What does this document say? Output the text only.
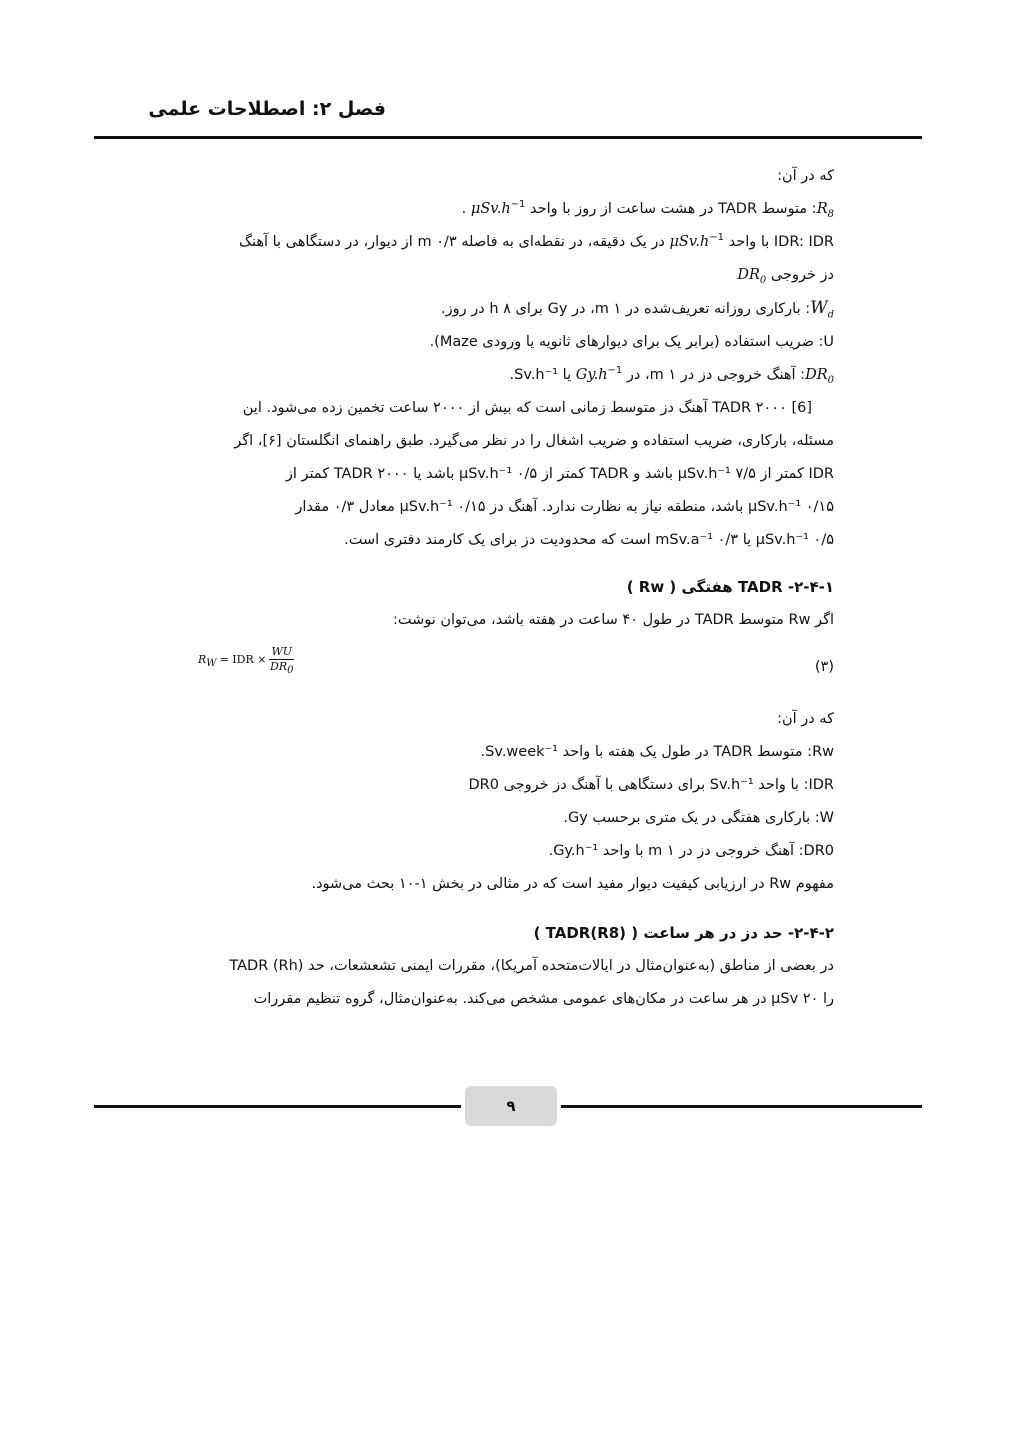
فصل ۲: اصطلاحات علمی
که در آن:
$R_8$: متوسط TADR در هشت ساعت از روز با واحد $\mu Sv.h^{-1}$ .
IDR: IDR با واحد $\mu Sv.h^{-1}$ در یک دقیقه، در نقطه‌ای به فاصله ۰/۳ m از دیوار، در دستگاهی با آهنگ
دز خروجی $DR_0$
$W_d$: بارکاری روزانه تعریف‌شده در ۱ m، در Gy برای ۸ h در روز.
U: ضریب استفاده (برابر یک برای دیوارهای ثانویه یا ورودی Maze).
$DR_0$: آهنگ خروجی دز در ۱ m، در $Gy.h^{-1}$ یا Sv.h⁻¹.
TADR ۲۰۰۰ [6] آهنگ دز متوسط زمانی است که بیش از ۲۰۰۰ ساعت تخمین زده می‌شود. این
مسئله، بارکاری، ضریب استفاده و ضریب اشغال را در نظر می‌گیرد. طبق راهنمای انگلستان [۶]، اگر
IDR کمتر از ۷/۵ μSv.h⁻¹ باشد و TADR کمتر از ۰/۵ μSv.h⁻¹ باشد یا TADR ۲۰۰۰ کمتر از
۰/۱۵ μSv.h⁻¹ باشد، منطقه نیاز به نظارت ندارد. آهنگ دز ۰/۱۵ μSv.h⁻¹ معادل ۰/۳ مقدار
۰/۵ μSv.h⁻¹ یا ۰/۳ mSv.a⁻¹ است که محدودیت دز برای یک کارمند دفتری است.
۲-۴-۱- TADR هفتگی ( Rw )
اگر Rw متوسط TADR در طول ۴۰ ساعت در هفته باشد، می‌توان نوشت:
(۳)
RW = IDR × $\frac{WU}{DR0}$
که در آن:
Rw: متوسط TADR در طول یک هفته با واحد Sv.week⁻¹.
IDR: با واحد Sv.h⁻¹ برای دستگاهی با آهنگ دز خروجی DR0
W: بارکاری هفتگی در یک متری برحسب Gy.
DR0: آهنگ خروجی دز در ۱ m با واحد Gy.h⁻¹.
مفهوم Rw در ارزیابی کیفیت دیوار مفید است که در مثالی در بخش ۱-۱۰ بحث می‌شود.
۲-۴-۲- حد دز در هر ساعت ( TADR(R8) )
در بعضی از مناطق (به‌عنوان‌مثال در ایالات‌متحده آمریکا)، مقررات ایمنی تشعشعات، حد TADR (Rh)
را ۲۰ μSv در هر ساعت در مکان‌های عمومی مشخص می‌کند. به‌عنوان‌مثال، گروه تنظیم مقررات
۹
